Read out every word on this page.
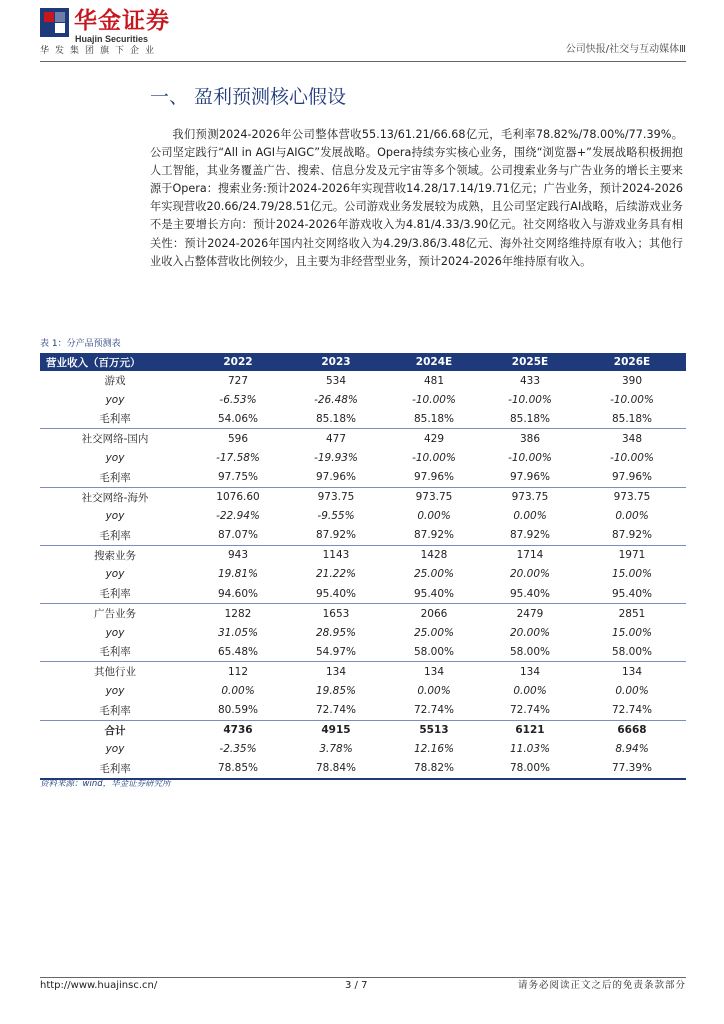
华金证券
Huajin Securities
华发集团旗下企业	公司快报/社交与互动媒体Ⅲ
一、 盈利预测核心假设

我们预测2024-2026年公司整体营收55.13/61.21/66.68亿元，毛利率78.82%/78.00%/77.39%。公司坚定践行“All in AGI与AIGC”发展战略。Opera持续夯实核心业务，围绕“浏览器+”发展战略积极拥抱人工智能，其业务覆盖广告、搜索、信息分发及元宇宙等多个领域。公司搜索业务与广告业务的增长主要来源于Opera：搜索业务:预计2024-2026年实现营收14.28/17.14/19.71亿元；广告业务，预计2024-2026年实现营收20.66/24.79/28.51亿元。公司游戏业务发展较为成熟，且公司坚定践行AI战略，后续游戏业务不是主要增长方向：预计2024-2026年游戏收入为4.81/4.33/3.90亿元。社交网络收入与游戏业务具有相关性：预计2024-2026年国内社交网络收入为4.29/3.86/3.48亿元、海外社交网络维持原有收入；其他行业收入占整体营收比例较少，且主要为非经营型业务，预计2024-2026年维持原有收入。

表 1：分产品预测表
营业收入（百万元）	2022	2023	2024E	2025E	2026E
游戏	727	534	481	433	390
yoy	-6.53%	-26.48%	-10.00%	-10.00%	-10.00%
毛利率	54.06%	85.18%	85.18%	85.18%	85.18%
社交网络-国内	596	477	429	386	348
yoy	-17.58%	-19.93%	-10.00%	-10.00%	-10.00%
毛利率	97.75%	97.96%	97.96%	97.96%	97.96%
社交网络-海外	1076.60	973.75	973.75	973.75	973.75
yoy	-22.94%	-9.55%	0.00%	0.00%	0.00%
毛利率	87.07%	87.92%	87.92%	87.92%	87.92%
搜索业务	943	1143	1428	1714	1971
yoy	19.81%	21.22%	25.00%	20.00%	15.00%
毛利率	94.60%	95.40%	95.40%	95.40%	95.40%
广告业务	1282	1653	2066	2479	2851
yoy	31.05%	28.95%	25.00%	20.00%	15.00%
毛利率	65.48%	54.97%	58.00%	58.00%	58.00%
其他行业	112	134	134	134	134
yoy	0.00%	19.85%	0.00%	0.00%	0.00%
毛利率	80.59%	72.74%	72.74%	72.74%	72.74%
合计	4736	4915	5513	6121	6668
yoy	-2.35%	3.78%	12.16%	11.03%	8.94%
毛利率	78.85%	78.84%	78.82%	78.00%	77.39%
资料来源：wind，华金证券研究所
http://www.huajinsc.cn/	3 / 7	请务必阅读正文之后的免责条款部分
